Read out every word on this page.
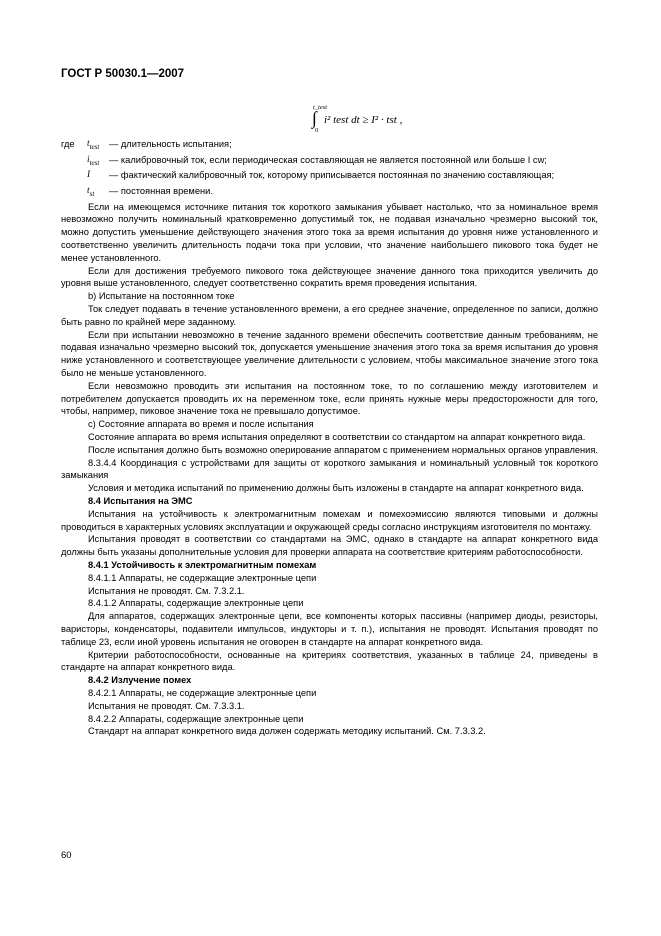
ГОСТ Р 50030.1—2007
t_test
∫
0
i² test dt ≥ I² · tst ,
где	$t_{test}$	— длительность испытания;
$i_{test}$	— калибровочный ток, если периодическая составляющая не является постоянной или больше I cw;
I	— фактический калибровочный ток, которому приписывается постоянная по значению составляющая;
$t_{st}$	— постоянная времени.

Если на имеющемся источнике питания ток короткого замыкания убывает настолько, что за номинальное время невозможно получить номинальный кратковременно допустимый ток, не подавая изначально чрезмерно высокий ток, можно допустить уменьшение действующего значения этого тока за время испытания до уровня ниже установленного и соответственно увеличить длительность подачи тока при условии, что значение наибольшего пикового тока будет не менее установленного.

Если для достижения требуемого пикового тока действующее значение данного тока приходится увеличить до уровня выше установленного, следует соответственно сократить время проведения испытания.

b) Испытание на постоянном токе

Ток следует подавать в течение установленного времени, а его среднее значение, определенное по записи, должно быть равно по крайней мере заданному.

Если при испытании невозможно в течение заданного времени обеспечить соответствие данным требованиям, не подавая изначально чрезмерно высокий ток, допускается уменьшение значения этого тока за время испытания до уровня ниже установленного и соответствующее увеличение длительности с условием, чтобы максимальное значение этого тока было не меньше установленного.

Если невозможно проводить эти испытания на постоянном токе, то по соглашению между изготовителем и потребителем допускается проводить их на переменном токе, если принять нужные меры предосторожности для того, чтобы, например, пиковое значение тока не превышало допустимое.

с) Состояние аппарата во время и после испытания

Состояние аппарата во время испытания определяют в соответствии со стандартом на аппарат конкретного вида.

После испытания должно быть возможно оперирование аппаратом с применением нормальных органов управления.

8.3.4.4 Координация с устройствами для защиты от короткого замыкания и номинальный условный ток короткого замыкания

Условия и методика испытаний по применению должны быть изложены в стандарте на аппарат конкретного вида.

8.4 Испытания на ЭМС

Испытания на устойчивость к электромагнитным помехам и помехоэмиссию являются типовыми и должны проводиться в характерных условиях эксплуатации и окружающей среды согласно инструкциям изготовителя по монтажу.

Испытания проводят в соответствии со стандартами на ЭМС, однако в стандарте на аппарат конкретного вида должны быть указаны дополнительные условия для проверки аппарата на соответствие критериям работоспособности.

8.4.1 Устойчивость к электромагнитным помехам

8.4.1.1 Аппараты, не содержащие электронные цепи

Испытания не проводят. См. 7.3.2.1.

8.4.1.2 Аппараты, содержащие электронные цепи

Для аппаратов, содержащих электронные цепи, все компоненты которых пассивны (например диоды, резисторы, варисторы, конденсаторы, подавители импульсов, индукторы и т. п.), испытания не проводят. Испытания проводят по таблице 23, если иной уровень испытания не оговорен в стандарте на аппарат конкретного вида.

Критерии работоспособности, основанные на критериях соответствия, указанных в таблице 24, приведены в стандарте на аппарат конкретного вида.

8.4.2 Излучение помех

8.4.2.1 Аппараты, не содержащие электронные цепи

Испытания не проводят. См. 7.3.3.1.

8.4.2.2 Аппараты, содержащие электронные цепи

Стандарт на аппарат конкретного вида должен содержать методику испытаний. См. 7.3.3.2.

60
